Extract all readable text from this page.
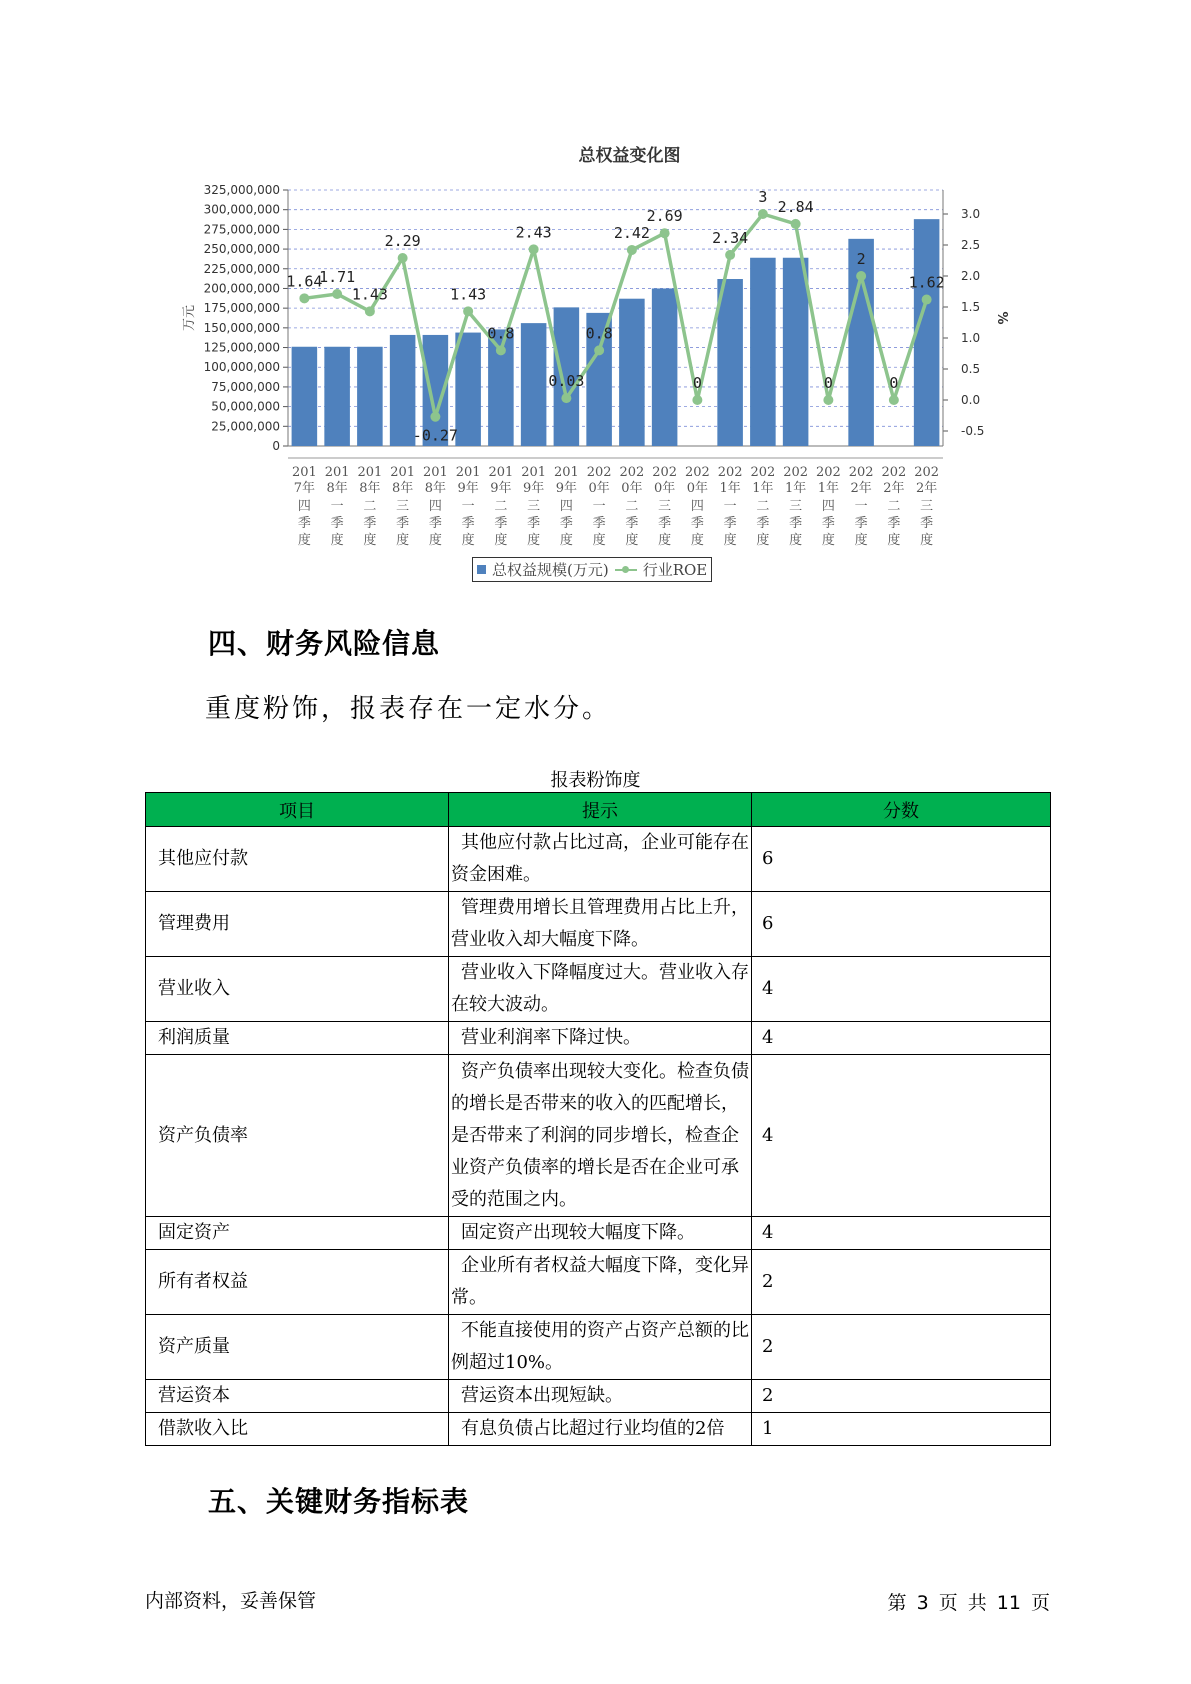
总权益变化图
万元	%
325,000,000
300,000,000
275,000,000
250,000,000
225,000,000
200,000,000
175,000,000
150,000,000
125,000,000
100,000,000
75,000,000
50,000,000
25,000,000
0
3.0
2.5
2.0
1.5
1.0
0.5
0.0
-0.5
1.64
1.71
1.43
2.29
-0.27
1.43
0.8
2.43
0.03
0.8
2.42
2.69
0
2.34
3
2.84
0
2
0
1.62
201
7年
四
季
度
201
8年
一
季
度
201
8年
二
季
度
201
8年
三
季
度
201
8年
四
季
度
201
9年
一
季
度
201
9年
二
季
度
201
9年
三
季
度
201
9年
四
季
度
202
0年
一
季
度
202
0年
二
季
度
202
0年
三
季
度
202
0年
四
季
度
202
1年
一
季
度
202
1年
二
季
度
202
1年
三
季
度
202
1年
四
季
度
202
2年
一
季
度
202
2年
二
季
度
202
2年
三
季
度
总权益规模(万元) 行业ROE
四、财务风险信息
重度粉饰，报表存在一定水分。
报表粉饰度
项目	提示	分数
其他应付款	其他应付款占比过高，企业可能存在资金困难。	6
管理费用	管理费用增长且管理费用占比上升，营业收入却大幅度下降。	6
营业收入	营业收入下降幅度过大。营业收入存在较大波动。	4
利润质量	营业利润率下降过快。	4
资产负债率	资产负债率出现较大变化。检查负债的增长是否带来的收入的匹配增长，是否带来了利润的同步增长，检查企业资产负债率的增长是否在企业可承受的范围之内。	4
固定资产	固定资产出现较大幅度下降。	4
所有者权益	企业所有者权益大幅度下降，变化异常。	2
资产质量	不能直接使用的资产占资产总额的比例超过10%。	2
营运资本	营运资本出现短缺。	2
借款收入比	有息负债占比超过行业均值的2倍	1
五、关键财务指标表
内部资料，妥善保管	第 3 页 共 11 页
